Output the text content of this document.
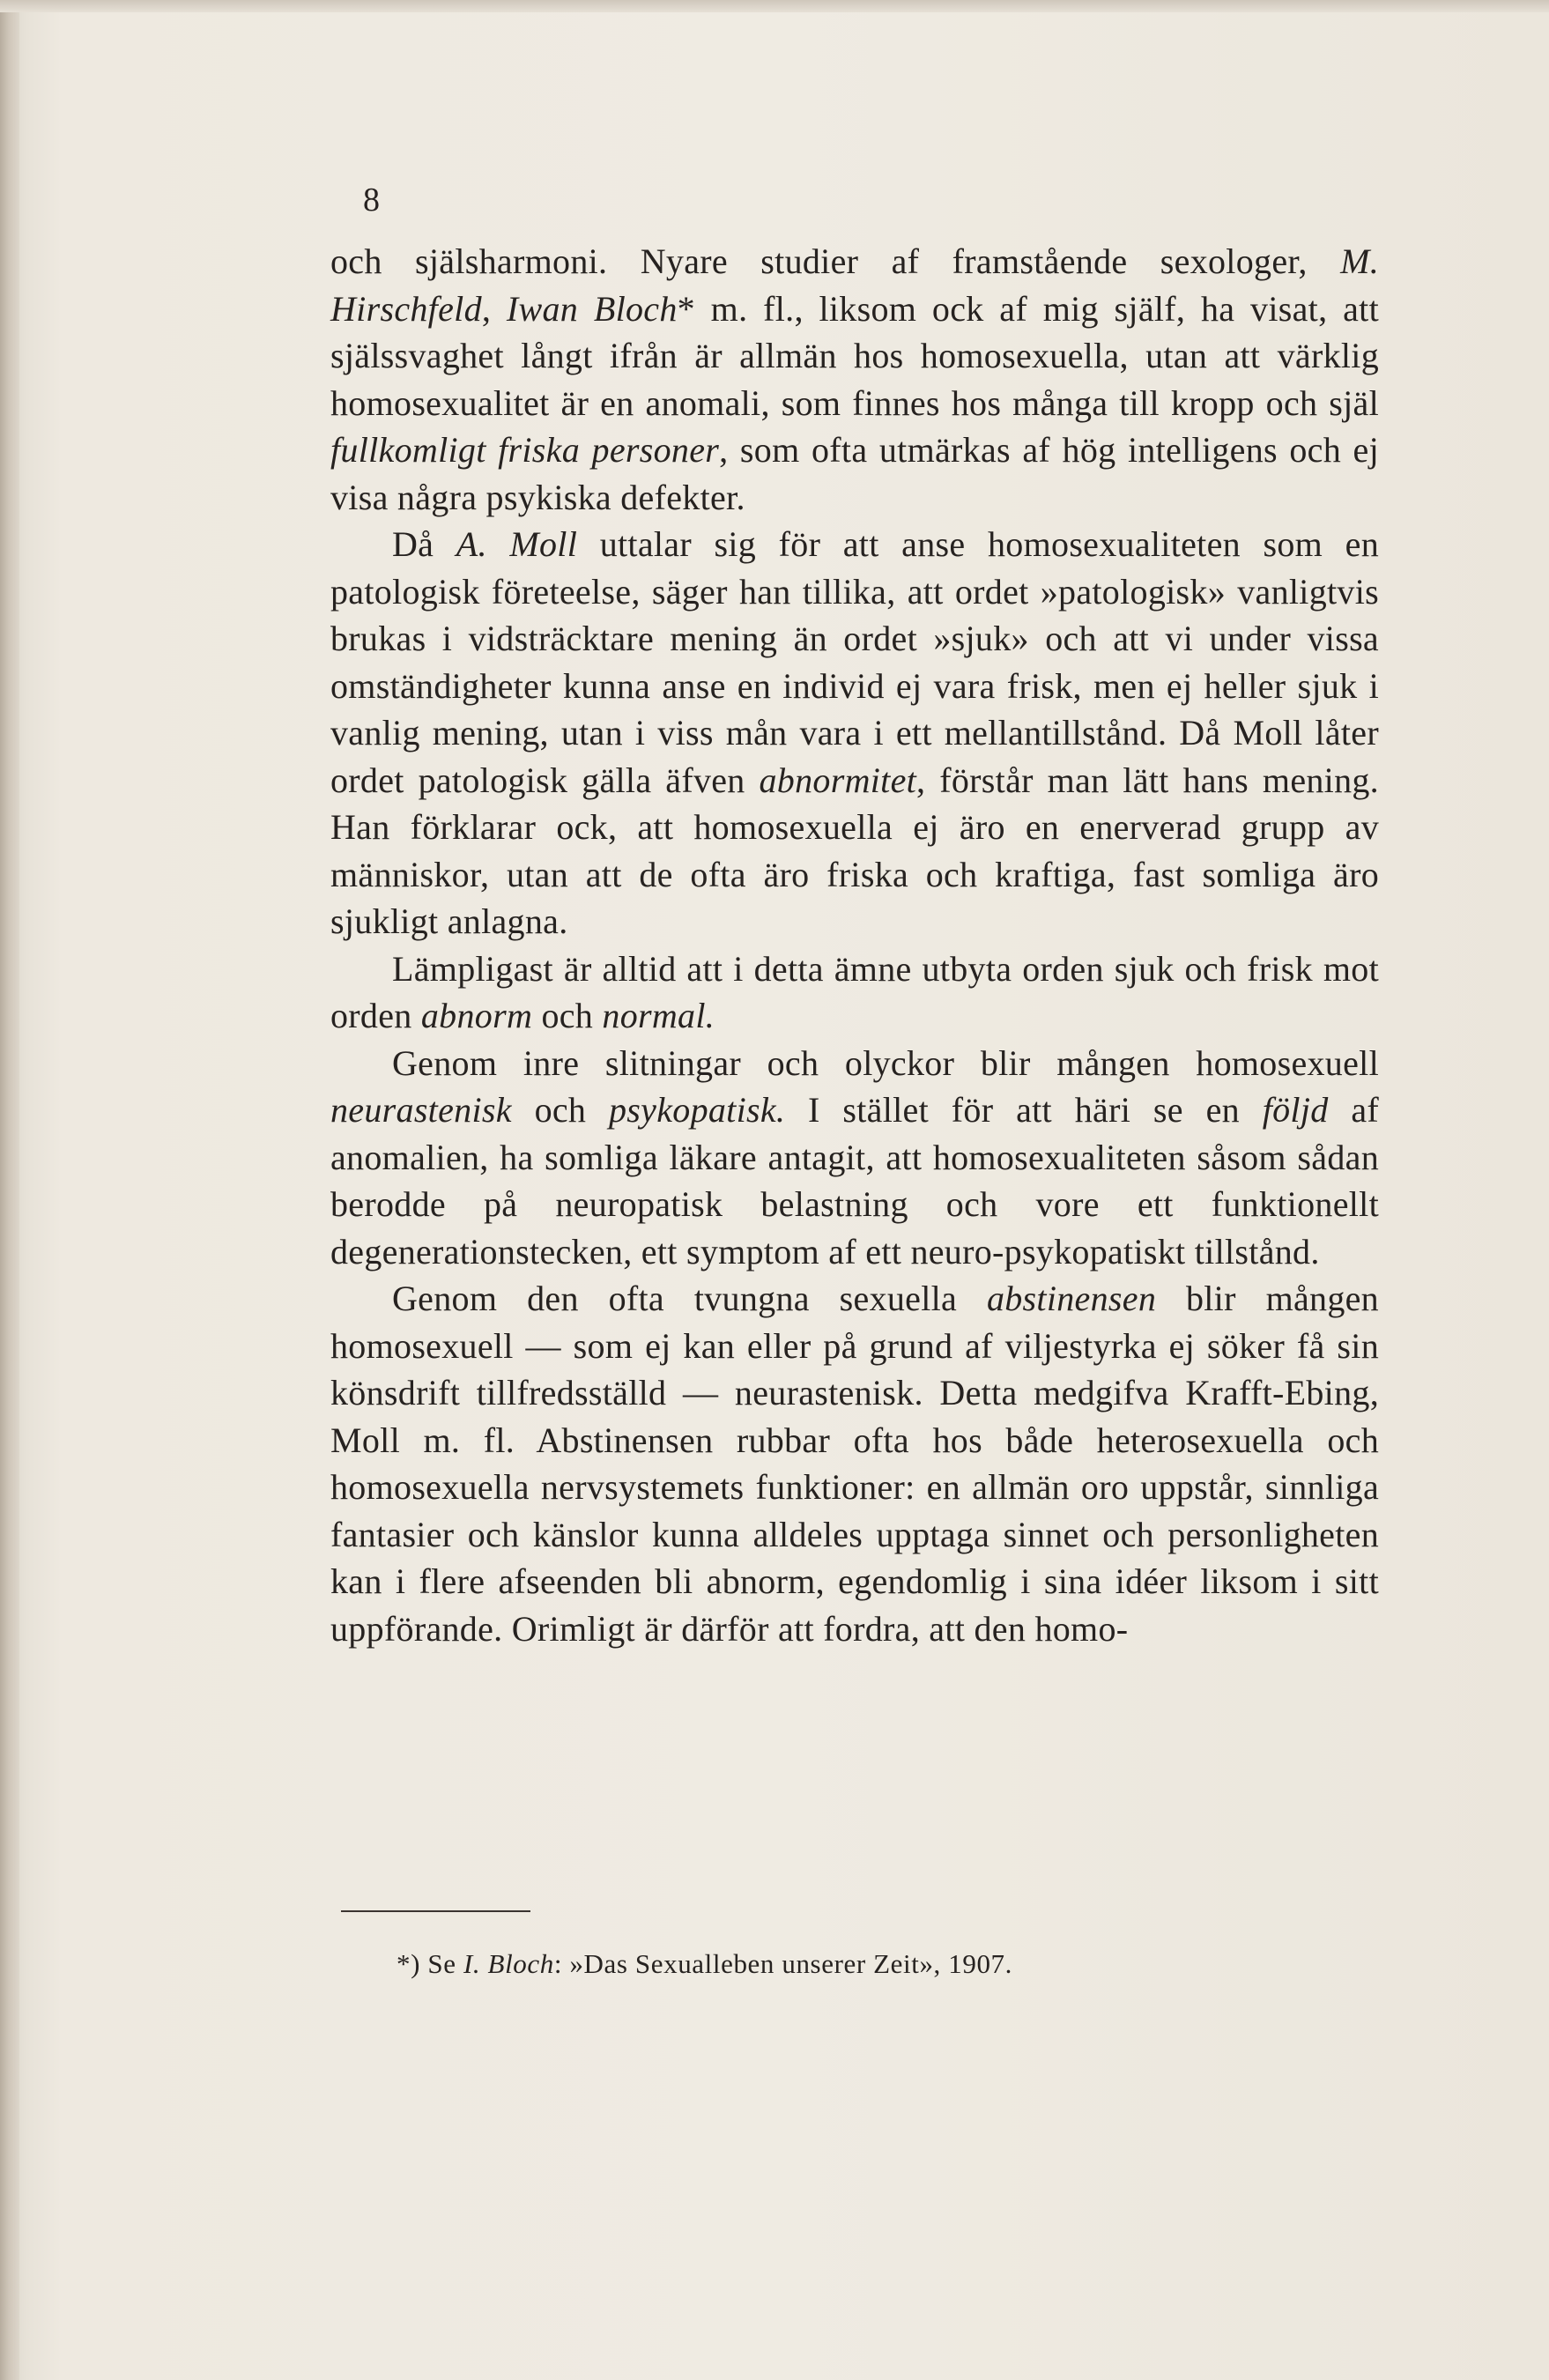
8

och själsharmoni. Nyare studier af framstående sexologer, M. Hirschfeld, Iwan Bloch* m. fl., liksom ock af mig själf, ha visat, att själssvaghet långt ifrån är allmän hos homosexuella, utan att värklig homosexualitet är en anomali, som finnes hos många till kropp och själ fullkomligt friska personer, som ofta utmärkas af hög intelligens och ej visa några psykiska defekter.

Då A. Moll uttalar sig för att anse homosexualiteten som en patologisk företeelse, säger han tillika, att ordet »patologisk» vanligtvis brukas i vidsträcktare mening än ordet »sjuk» och att vi under vissa omständigheter kunna anse en individ ej vara frisk, men ej heller sjuk i vanlig mening, utan i viss mån vara i ett mellantillstånd. Då Moll låter ordet patologisk gälla äfven abnormitet, förstår man lätt hans mening. Han förklarar ock, att homosexuella ej äro en enerverad grupp av människor, utan att de ofta äro friska och kraftiga, fast somliga äro sjukligt anlagna.

Lämpligast är alltid att i detta ämne utbyta orden sjuk och frisk mot orden abnorm och normal.

Genom inre slitningar och olyckor blir mången homosexuell neurastenisk och psykopatisk. I stället för att häri se en följd af anomalien, ha somliga läkare antagit, att homosexualiteten såsom sådan berodde på neuropatisk belastning och vore ett funktionellt degenerationstecken, ett symptom af ett neuro-psykopatiskt tillstånd.

Genom den ofta tvungna sexuella abstinensen blir mången homosexuell — som ej kan eller på grund af viljestyrka ej söker få sin könsdrift tillfredsställd — neurastenisk. Detta medgifva Krafft-Ebing, Moll m. fl. Abstinensen rubbar ofta hos både heterosexuella och homosexuella nervsystemets funktioner: en allmän oro uppstår, sinnliga fantasier och känslor kunna alldeles upptaga sinnet och personligheten kan i flere afseenden bli abnorm, egendomlig i sina idéer liksom i sitt uppförande. Orimligt är därför att fordra, att den homo-

*) Se I. Bloch: »Das Sexualleben unserer Zeit», 1907.
